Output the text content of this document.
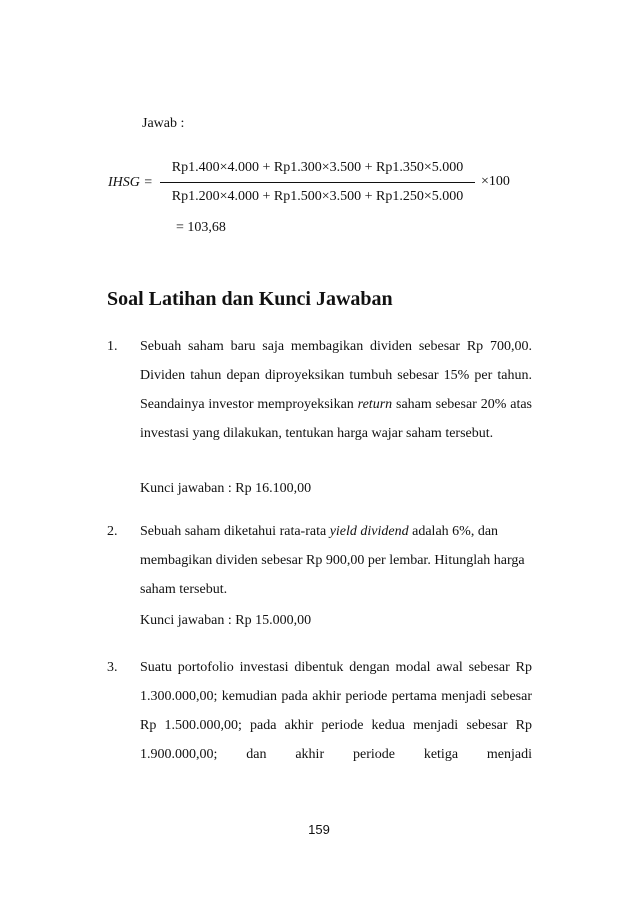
Jawab :
IHSG =
Rp1.400×4.000 + Rp1.300×3.500 + Rp1.350×5.000
Rp1.200×4.000 + Rp1.500×3.500 + Rp1.250×5.000
×100
= 103,68
Soal Latihan dan Kunci Jawaban
1. Sebuah saham baru saja membagikan dividen sebesar Rp 700,00. Dividen tahun depan diproyeksikan tumbuh sebesar 15% per tahun. Seandainya investor memproyeksikan return saham sebesar 20% atas investasi yang dilakukan, tentukan harga wajar saham tersebut.

Kunci jawaban : Rp 16.100,00
2. Sebuah saham diketahui rata-rata yield dividend adalah 6%, dan membagikan dividen sebesar Rp 900,00 per lembar. Hitunglah harga saham tersebut.

Kunci jawaban : Rp 15.000,00
3. Suatu portofolio investasi dibentuk dengan modal awal sebesar Rp 1.300.000,00; kemudian pada akhir periode pertama menjadi sebesar Rp 1.500.000,00; pada akhir periode kedua menjadi sebesar Rp 1.900.000,00; dan akhir periode ketiga menjadi

159
